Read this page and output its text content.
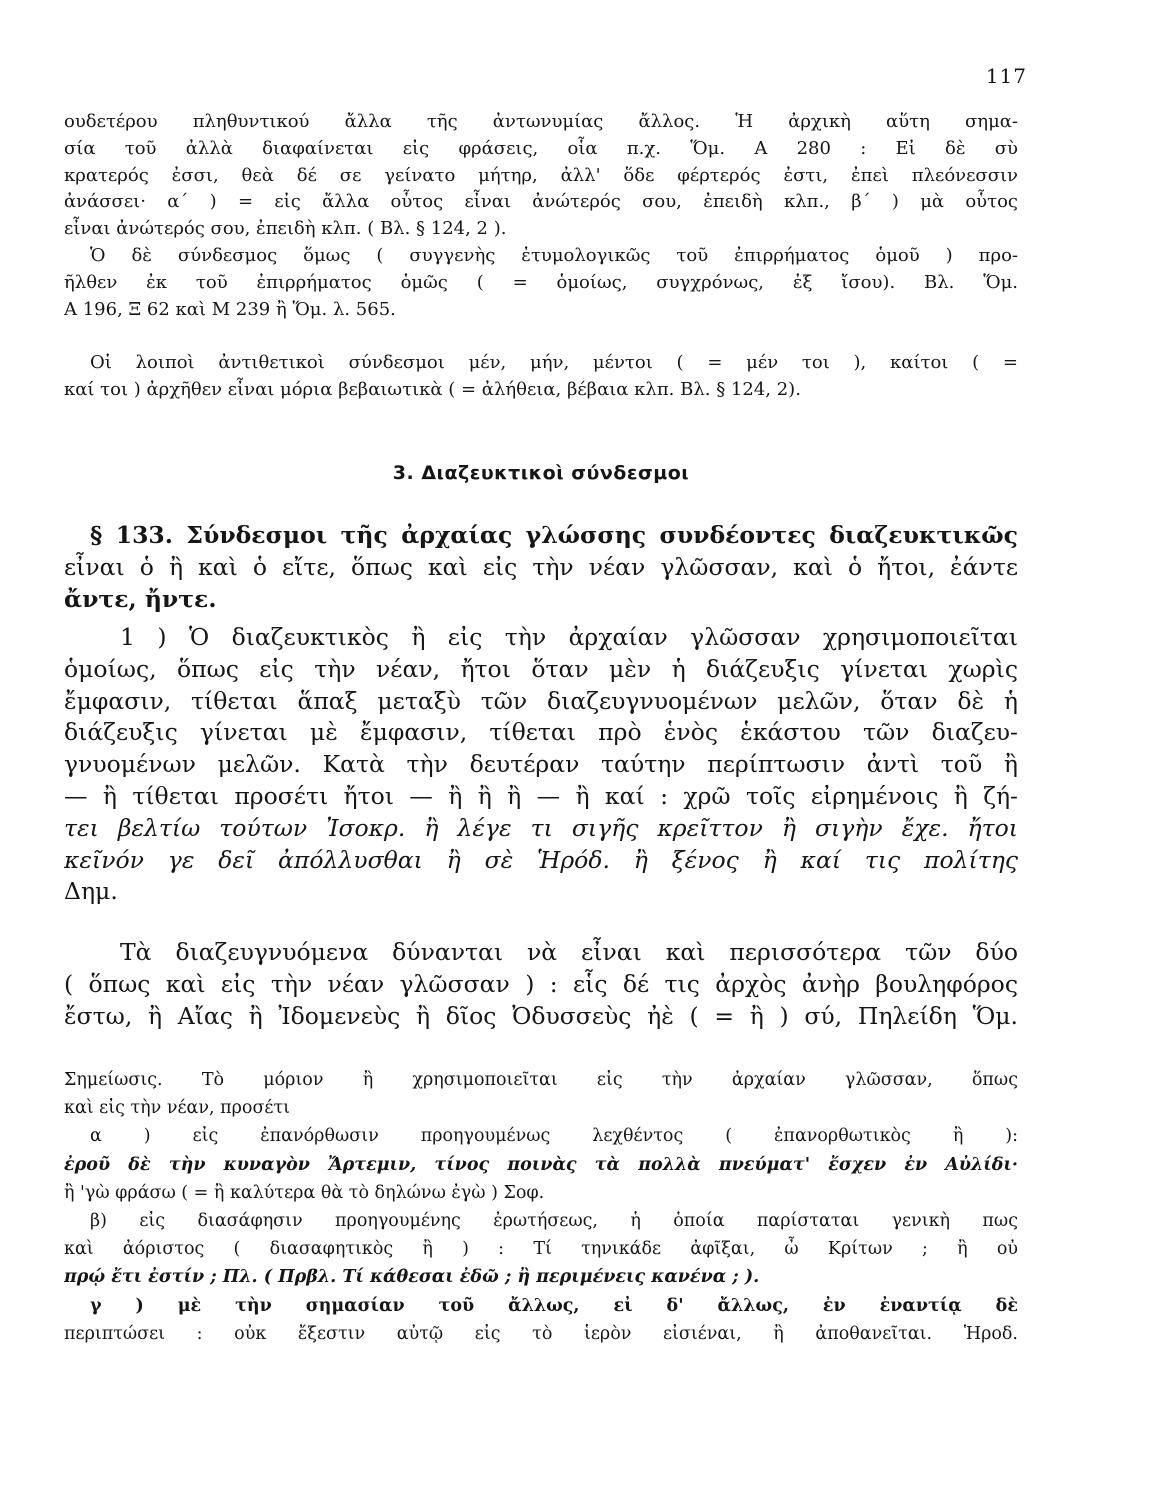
117
ουδετέρου πληθυντικού ἄλλα τῆς ἀντωνυμίας ἄλλος. Ἡ ἀρχικὴ αὕτη σημα-
σία τοῦ ἀλλὰ διαφαίνεται εἰς φράσεις, οἷα π.χ. Ὅμ. Α 280 : Εἰ δὲ σὺ
κρατερός ἐσσι, θεὰ δέ σε γείνατο μήτηρ, ἀλλ' ὅδε φέρτερός ἐστι, ἐπεὶ πλεόνεσσιν
ἀνάσσει· α΄ ) = εἰς ἄλλα οὗτος εἶναι ἀνώτερός σου, ἐπειδὴ κλπ., β΄ ) μὰ οὗτος
εἶναι ἀνώτερός σου, ἐπειδὴ κλπ. ( Βλ. § 124, 2 ).
Ὁ δὲ σύνδεσμος ὅμως ( συγγενὴς ἐτυμολογικῶς τοῦ ἐπιρρήματος ὁμοῦ ) προ-
ῆλθεν ἐκ τοῦ ἐπιρρήματος ὁμῶς ( = ὁμοίως, συγχρόνως, ἐξ ἴσου). Βλ. Ὅμ.
Α 196, Ξ 62 καὶ Μ 239 ἢ Ὅμ. λ. 565.
Οἱ λοιποὶ ἀντιθετικοὶ σύνδεσμοι μέν, μήν, μέντοι ( = μέν τοι ), καίτοι ( =
καί τοι ) ἀρχῆθεν εἶναι μόρια βεβαιωτικὰ ( = ἀλήθεια, βέβαια κλπ. Βλ. § 124, 2).
3. Διαζευκτικοὶ σύνδεσμοι
§ 133. Σύνδεσμοι τῆς ἀρχαίας γλώσσης συνδέοντες διαζευκτικῶς
εἶναι ὁ ἢ καὶ ὁ εἴτε, ὅπως καὶ εἰς τὴν νέαν γλῶσσαν, καὶ ὁ ἤτοι, ἐάντε
ἄντε, ἤντε.
1 ) Ὁ διαζευκτικὸς ἢ εἰς τὴν ἀρχαίαν γλῶσσαν χρησιμοποιεῖται
ὁμοίως, ὅπως εἰς τὴν νέαν, ἤτοι ὅταν μὲν ἡ διάζευξις γίνεται χωρὶς
ἔμφασιν, τίθεται ἅπαξ μεταξὺ τῶν διαζευγνυομένων μελῶν, ὅταν δὲ ἡ
διάζευξις γίνεται μὲ ἔμφασιν, τίθεται πρὸ ἑνὸς ἑκάστου τῶν διαζευ-
γνυομένων μελῶν. Κατὰ τὴν δευτέραν ταύτην περίπτωσιν ἀντὶ τοῦ ἢ
— ἢ τίθεται προσέτι ἤτοι — ἢ ἢ ἢ — ἢ καί : χρῶ τοῖς εἰρημένοις ἢ ζή-
τει βελτίω τούτων Ἰσοκρ. ἢ λέγε τι σιγῆς κρεῖττον ἢ σιγὴν ἔχε. ἤτοι
κεῖνόν γε δεῖ ἀπόλλυσθαι ἢ σὲ Ἡρόδ. ἢ ξένος ἢ καί τις πολίτης
Δημ.
Τὰ διαζευγνυόμενα δύνανται νὰ εἶναι καὶ περισσότερα τῶν δύο
( ὅπως καὶ εἰς τὴν νέαν γλῶσσαν ) : εἷς δέ τις ἀρχὸς ἀνὴρ βουληφόρος
ἔστω, ἢ Αἴας ἢ Ἰδομενεὺς ἢ δῖος Ὀδυσσεὺς ἠὲ ( = ἢ ) σύ, Πηλείδη Ὅμ.
Σημείωσις. Τὸ μόριον ἢ χρησιμοποιεῖται εἰς τὴν ἀρχαίαν γλῶσσαν, ὅπως
καὶ εἰς τὴν νέαν, προσέτι
α ) εἰς ἐπανόρθωσιν προηγουμένως λεχθέντος ( ἐπανορθωτικὸς ἢ ):
ἐροῦ δὲ τὴν κυναγὸν Ἄρτεμιν, τίνος ποινὰς τὰ πολλὰ πνεύματ' ἔσχεν ἐν Αὐλίδι·
ἢ 'γὼ φράσω ( = ἢ καλύτερα θὰ τὸ δηλώνω ἐγὼ ) Σοφ.
β) εἰς διασάφησιν προηγουμένης ἐρωτήσεως, ἡ ὁποία παρίσταται γενικὴ πως
καὶ ἀόριστος ( διασαφητικὸς ἢ ) : Τί τηνικάδε ἀφῖξαι, ὦ Κρίτων ; ἢ οὐ
πρῴ ἔτι ἐστίν ; Πλ. ( Πρβλ. Τί κάθεσαι ἐδῶ ; ἢ περιμένεις κανένα ; ).
γ ) μὲ τὴν σημασίαν τοῦ ἄλλως, εἰ δ' ἄλλως, ἐν ἐναντίᾳ δὲ
περιπτώσει : οὐκ ἔξεστιν αὐτῷ εἰς τὸ ἱερὸν εἰσιέναι, ἢ ἀποθανεῖται. Ἡροδ.
